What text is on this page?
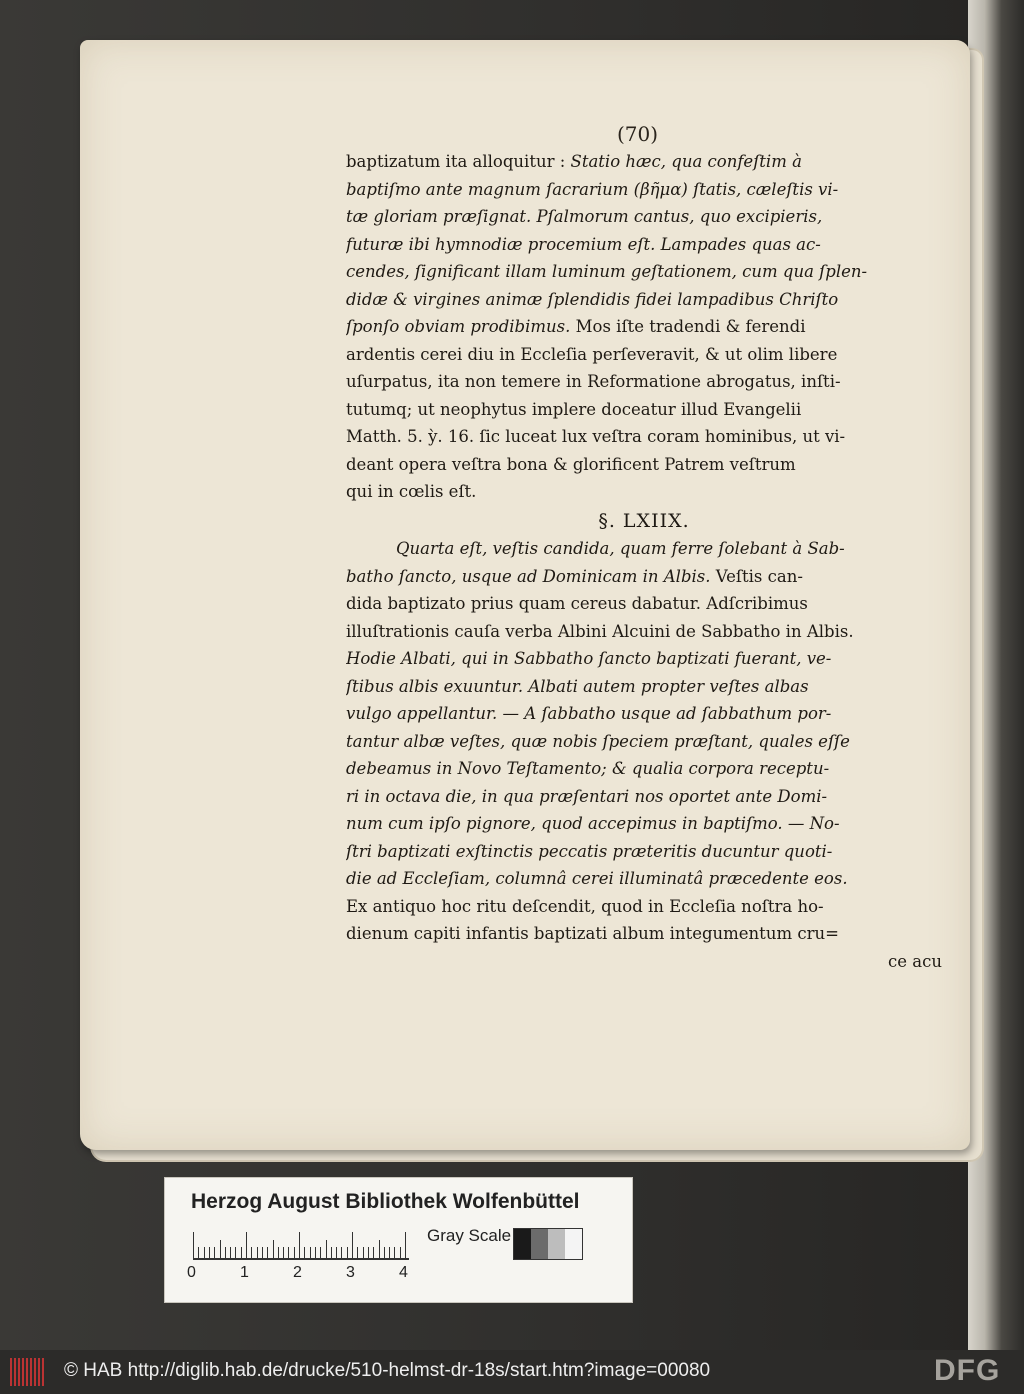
(70)
baptizatum ita alloquitur : Statio hæc, qua confeſtim à
baptiſmo ante magnum ſacrarium (βῆμα) ſtatis, cæleſtis vi-
tæ gloriam præſignat. Pſalmorum cantus, quo excipieris,
futuræ ibi hymnodiæ procemium eſt. Lampades quas ac-
cendes, ſignificant illam luminum geſtationem, cum qua ſplen-
didæ & virgines animæ ſplendidis fidei lampadibus Chriſto
ſponſo obviam prodibimus. Mos iſte tradendi & ferendi
ardentis cerei diu in Eccleſia perſeveravit, & ut olim libere
uſurpatus, ita non temere in Reformatione abrogatus, inſti-
tutumq; ut neophytus implere doceatur illud Evangelii
Matth. 5. ỳ. 16. ſic luceat lux veſtra coram hominibus, ut vi-
deant opera veſtra bona & glorificent Patrem veſtrum
qui in cœlis eſt.
§. LXIIX.
Quarta eſt, veſtis candida, quam ferre ſolebant à Sab-
batho ſancto, usque ad Dominicam in Albis. Veſtis can-
dida baptizato prius quam cereus dabatur. Adſcribimus
illuſtrationis cauſa verba Albini Alcuini de Sabbatho in Albis.
Hodie Albati, qui in Sabbatho ſancto baptizati fuerant, ve-
ſtibus albis exuuntur. Albati autem propter veſtes albas
vulgo appellantur. — A ſabbatho usque ad ſabbathum por-
tantur albæ veſtes, quæ nobis ſpeciem præſtant, quales eſſe
debeamus in Novo Teſtamento; & qualia corpora receptu-
ri in octava die, in qua præſentari nos oportet ante Domi-
num cum ipſo pignore, quod accepimus in baptiſmo. — No-
ſtri baptizati exſtinctis peccatis præteritis ducuntur quoti-
die ad Eccleſiam, columnâ cerei illuminatâ præcedente eos.
Ex antiquo hoc ritu deſcendit, quod in Eccleſia noſtra ho-
dienum capiti infantis baptizati album integumentum cru=
ce acu
Herzog August Bibliothek Wolfenbüttel
0	1	2	3	4
Gray Scale
© HAB http://diglib.hab.de/drucke/510-helmst-dr-18s/start.htm?image=00080	DFG
